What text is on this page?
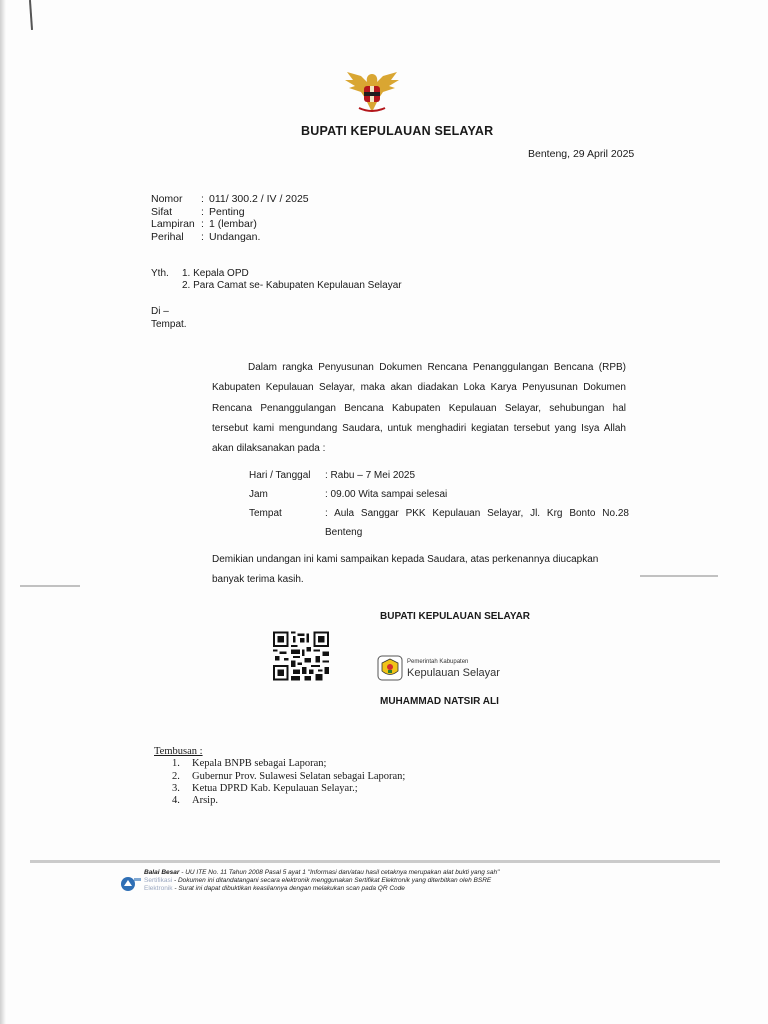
BUPATI KEPULAUAN SELAYAR
Benteng, 29 April 2025
Nomor	: 011/ 300.2 / IV / 2025
Sifat	: Penting
Lampiran : 1 (lembar)
Perihal	: Undangan.
Yth.	1. Kepala OPD
2. Para Camat se- Kabupaten Kepulauan Selayar
Di –
Tempat.

Dalam rangka Penyusunan Dokumen Rencana Penanggulangan Bencana (RPB) Kabupaten Kepulauan Selayar, maka akan diadakan Loka Karya Penyusunan Dokumen Rencana Penanggulangan Bencana Kabupaten Kepulauan Selayar, sehubungan hal tersebut kami mengundang Saudara, untuk menghadiri kegiatan tersebut yang Isya Allah akan dilaksanakan pada :

Hari / Tanggal	: Rabu – 7 Mei 2025
Jam	: 09.00 Wita sampai selesai
Tempat	: Aula Sanggar PKK Kepulauan Selayar, Jl. Krg Bonto No.28 Benteng
Demikian undangan ini kami sampaikan kepada Saudara, atas perkenannya diucapkan banyak terima kasih.
BUPATI KEPULAUAN SELAYAR
Pemerintah Kabupaten
Kepulauan Selayar
MUHAMMAD NATSIR ALI
Tembusan :
1.	Kepala BNPB sebagai Laporan;
2.	Gubernur Prov. Sulawesi Selatan sebagai Laporan;
3.	Ketua DPRD Kab. Kepulauan Selayar.;
4.	Arsip.
Balai Besar - UU ITE No. 11 Tahun 2008 Pasal 5 ayat 1 "Informasi dan/atau hasil cetaknya merupakan alat bukti yang sah"
Sertifikasi - Dokumen ini ditandatangani secara elektronik menggunakan Sertifikat Elektronik yang diterbitkan oleh BSRE
Elektronik - Surat ini dapat dibuktikan keasliannya dengan melakukan scan pada QR Code
